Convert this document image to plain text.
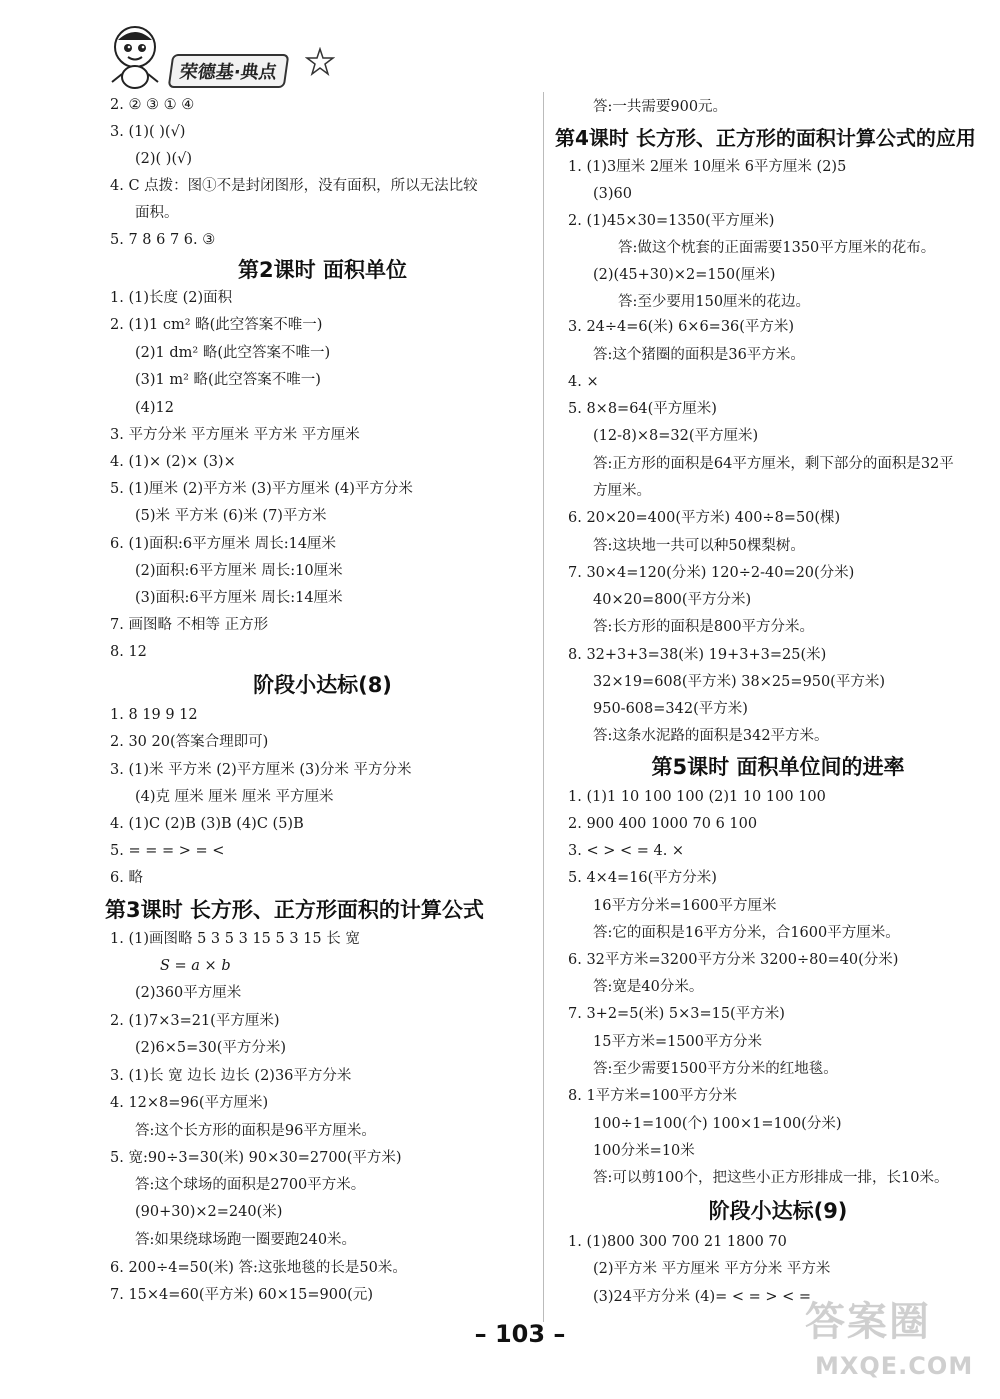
荣德基·典点
2. ② ③ ① ④
3. (1)( )(√)
(2)( )(√)
4. C 点拨：图①不是封闭图形，没有面积，所以无法比较
面积。
5. 7 8 6 7 6. ③
第2课时 面积单位
1. (1)长度 (2)面积
2. (1)1 cm² 略(此空答案不唯一)
(2)1 dm² 略(此空答案不唯一)
(3)1 m² 略(此空答案不唯一)
(4)12
3. 平方分米 平方厘米 平方米 平方厘米
4. (1)× (2)× (3)×
5. (1)厘米 (2)平方米 (3)平方厘米 (4)平方分米
(5)米 平方米 (6)米 (7)平方米
6. (1)面积:6平方厘米 周长:14厘米
(2)面积:6平方厘米 周长:10厘米
(3)面积:6平方厘米 周长:14厘米
7. 画图略 不相等 正方形
8. 12
阶段小达标(8)
1. 8 19 9 12
2. 30 20(答案合理即可)
3. (1)米 平方米 (2)平方厘米 (3)分米 平方分米
(4)克 厘米 厘米 厘米 平方厘米
4. (1)C (2)B (3)B (4)C (5)B
5. = = = > = <
6. 略
第3课时 长方形、正方形面积的计算公式
1. (1)画图略 5 3 5 3 15 5 3 15 长 宽
S = a × b
(2)360平方厘米
2. (1)7×3=21(平方厘米)
(2)6×5=30(平方分米)
3. (1)长 宽 边长 边长 (2)36平方分米
4. 12×8=96(平方厘米)
答:这个长方形的面积是96平方厘米。
5. 宽:90÷3=30(米) 90×30=2700(平方米)
答:这个球场的面积是2700平方米。
(90+30)×2=240(米)
答:如果绕球场跑一圈要跑240米。
6. 200÷4=50(米) 答:这张地毯的长是50米。
7. 15×4=60(平方米) 60×15=900(元)
答:一共需要900元。
第4课时 长方形、正方形的面积计算公式的应用
1. (1)3厘米 2厘米 10厘米 6平方厘米 (2)5
(3)60
2. (1)45×30=1350(平方厘米)
答:做这个枕套的正面需要1350平方厘米的花布。
(2)(45+30)×2=150(厘米)
答:至少要用150厘米的花边。
3. 24÷4=6(米) 6×6=36(平方米)
答:这个猪圈的面积是36平方米。
4. ×
5. 8×8=64(平方厘米)
(12-8)×8=32(平方厘米)
答:正方形的面积是64平方厘米，剩下部分的面积是32平
方厘米。
6. 20×20=400(平方米) 400÷8=50(棵)
答:这块地一共可以种50棵梨树。
7. 30×4=120(分米) 120÷2-40=20(分米)
40×20=800(平方分米)
答:长方形的面积是800平方分米。
8. 32+3+3=38(米) 19+3+3=25(米)
32×19=608(平方米) 38×25=950(平方米)
950-608=342(平方米)
答:这条水泥路的面积是342平方米。
第5课时 面积单位间的进率
1. (1)1 10 100 100 (2)1 10 100 100
2. 900 400 1000 70 6 100
3. < > < = 4. ×
5. 4×4=16(平方分米)
16平方分米=1600平方厘米
答:它的面积是16平方分米，合1600平方厘米。
6. 32平方米=3200平方分米 3200÷80=40(分米)
答:宽是40分米。
7. 3+2=5(米) 5×3=15(平方米)
15平方米=1500平方分米
答:至少需要1500平方分米的红地毯。
8. 1平方米=100平方分米
100÷1=100(个) 100×1=100(分米)
100分米=10米
答:可以剪100个，把这些小正方形排成一排，长10米。
阶段小达标(9)
1. (1)800 300 700 21 1800 70
(2)平方米 平方厘米 平方分米 平方米
(3)24平方分米 (4)= < = > < =
– 103 –	答案圈
MXQE.COM
